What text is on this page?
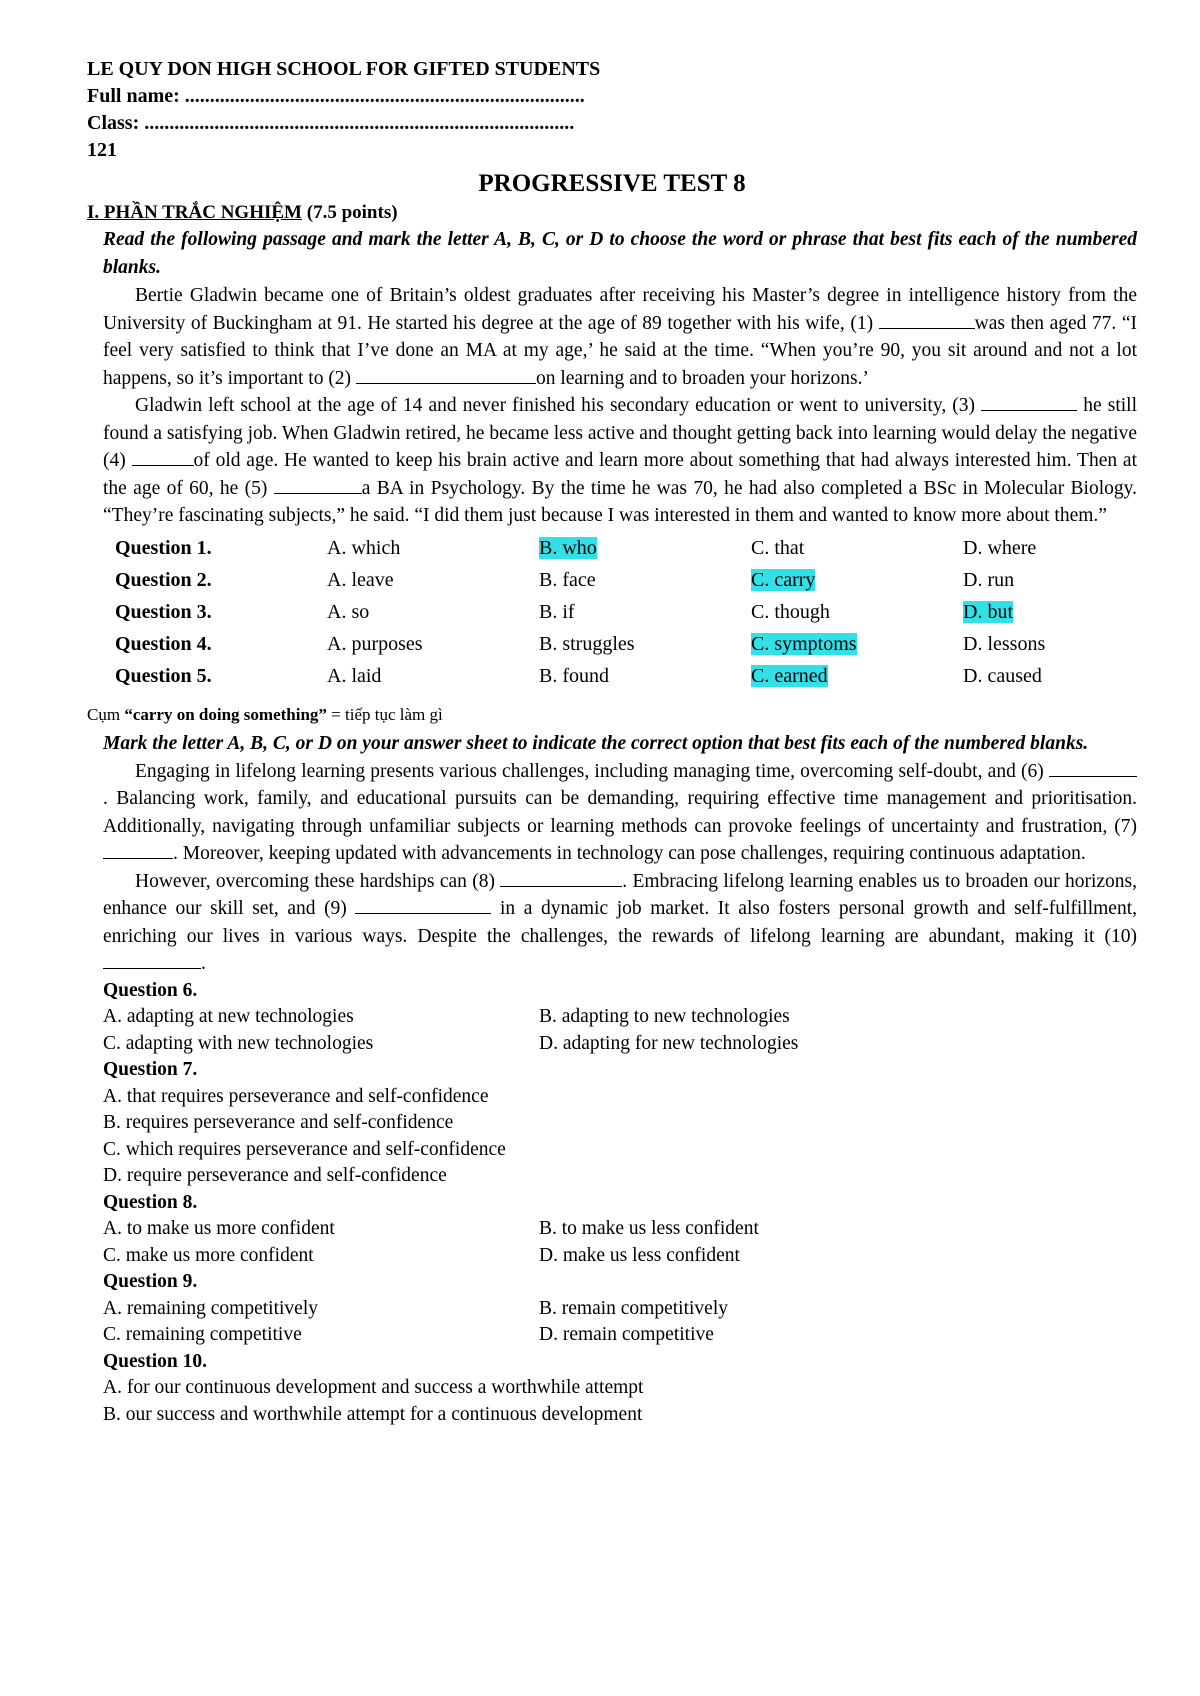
LE QUY DON HIGH SCHOOL FOR GIFTED STUDENTS
Full name: ................................................................................
Class: ......................................................................................
121
PROGRESSIVE TEST 8
I. PHẦN TRẮC NGHIỆM (7.5 points)
Read the following passage and mark the letter A, B, C, or D to choose the word or phrase that best fits each of the numbered blanks.

Bertie Gladwin became one of Britain’s oldest graduates after receiving his Master’s degree in intelligence history from the University of Buckingham at 91. He started his degree at the age of 89 together with his wife, (1)	was then aged 77. “I feel very satisfied to think that I’ve done an MA at my age,’ he said at the time. “When you’re 90, you sit around and not a lot happens, so it’s important to (2)	on learning and to broaden your horizons.’

Gladwin left school at the age of 14 and never finished his secondary education or went to university, (3)	he still found a satisfying job. When Gladwin retired, he became less active and thought getting back into learning would delay the negative (4)	of old age. He wanted to keep his brain active and learn more about something that had always interested him. Then at the age of 60, he (5)	a BA in Psychology. By the time he was 70, he had also completed a BSc in Molecular Biology. “They’re fascinating subjects,” he said. “I did them just because I was interested in them and wanted to know more about them.”

Question 1.	A. which	B. who	C. that	D. where
Question 2.	A. leave	B. face	C. carry	D. run
Question 3.	A. so	B. if	C. though	D. but
Question 4.	A. purposes	B. struggles	C. symptoms	D. lessons
Question 5.	A. laid	B. found	C. earned	D. caused
Cụm “carry on doing something” = tiếp tục làm gì
Mark the letter A, B, C, or D on your answer sheet to indicate the correct option that best fits each of the numbered blanks.

Engaging in lifelong learning presents various challenges, including managing time, overcoming self-doubt, and (6) . Balancing work, family, and educational pursuits can be demanding, requiring effective time management and prioritisation. Additionally, navigating through unfamiliar subjects or learning methods can provoke feelings of uncertainty and frustration, (7) . Moreover, keeping updated with advancements in technology can pose challenges, requiring continuous adaptation.

However, overcoming these hardships can (8)	. Embracing lifelong learning enables us to broaden our horizons, enhance our skill set, and (9)	in a dynamic job market. It also fosters personal growth and self-fulfillment, enriching our lives in various ways. Despite the challenges, the rewards of lifelong learning are abundant, making it (10) .

Question 6.
A. adapting at new technologies	B. adapting to new technologies
C. adapting with new technologies	D. adapting for new technologies
Question 7.
A. that requires perseverance and self-confidence
B. requires perseverance and self-confidence
C. which requires perseverance and self-confidence
D. require perseverance and self-confidence
Question 8.
A. to make us more confident	B. to make us less confident
C. make us more confident	D. make us less confident
Question 9.
A. remaining competitively	B. remain competitively
C. remaining competitive	D. remain competitive
Question 10.
A. for our continuous development and success a worthwhile attempt
B. our success and worthwhile attempt for a continuous development
